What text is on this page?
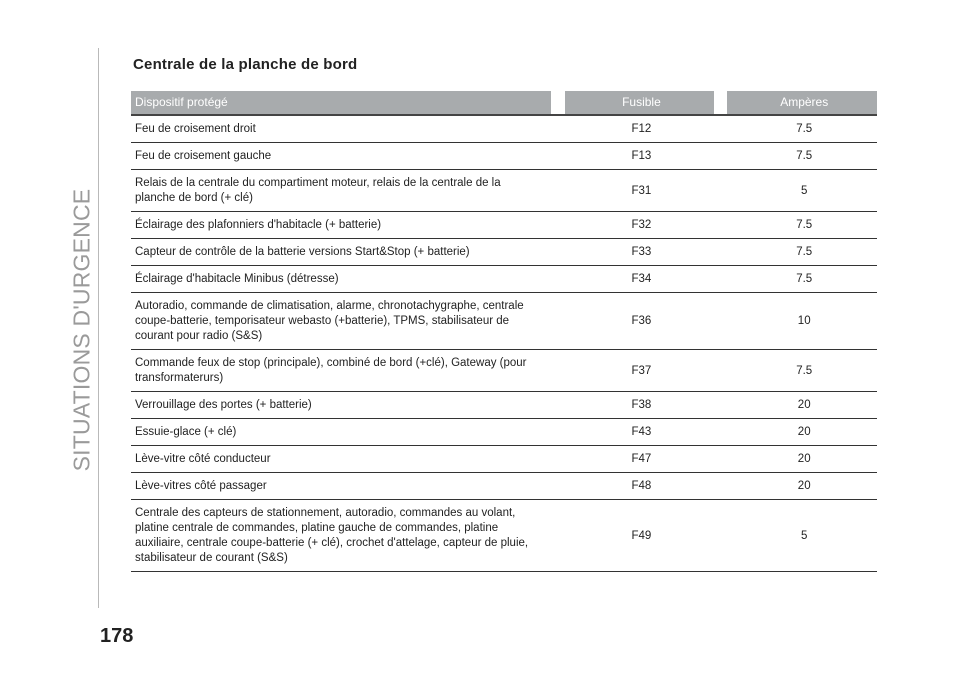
SITUATIONS D'URGENCE
Centrale de la planche de bord
Dispositif protégé		Fusible		Ampères
Feu de croisement droit		F12		7.5
Feu de croisement gauche		F13		7.5
Relais de la centrale du compartiment moteur, relais de la centrale de la planche de bord (+ clé)		F31		5
Éclairage des plafonniers d'habitacle (+ batterie)		F32		7.5
Capteur de contrôle de la batterie versions Start&Stop (+ batterie)		F33		7.5
Éclairage d'habitacle Minibus (détresse)		F34		7.5
Autoradio, commande de climatisation, alarme, chronotachygraphe, centrale coupe-batterie, temporisateur webasto (+batterie), TPMS, stabilisateur de courant pour radio (S&S)		F36		10
Commande feux de stop (principale), combiné de bord (+clé), Gateway (pour transformaterurs)		F37		7.5
Verrouillage des portes (+ batterie)		F38		20
Essuie-glace (+ clé)		F43		20
Lève-vitre côté conducteur		F47		20
Lève-vitres côté passager		F48		20
Centrale des capteurs de stationnement, autoradio, commandes au volant, platine centrale de commandes, platine gauche de commandes, platine auxiliaire, centrale coupe-batterie (+ clé), crochet d'attelage, capteur de pluie, stabilisateur de courant (S&S)		F49		5
178
